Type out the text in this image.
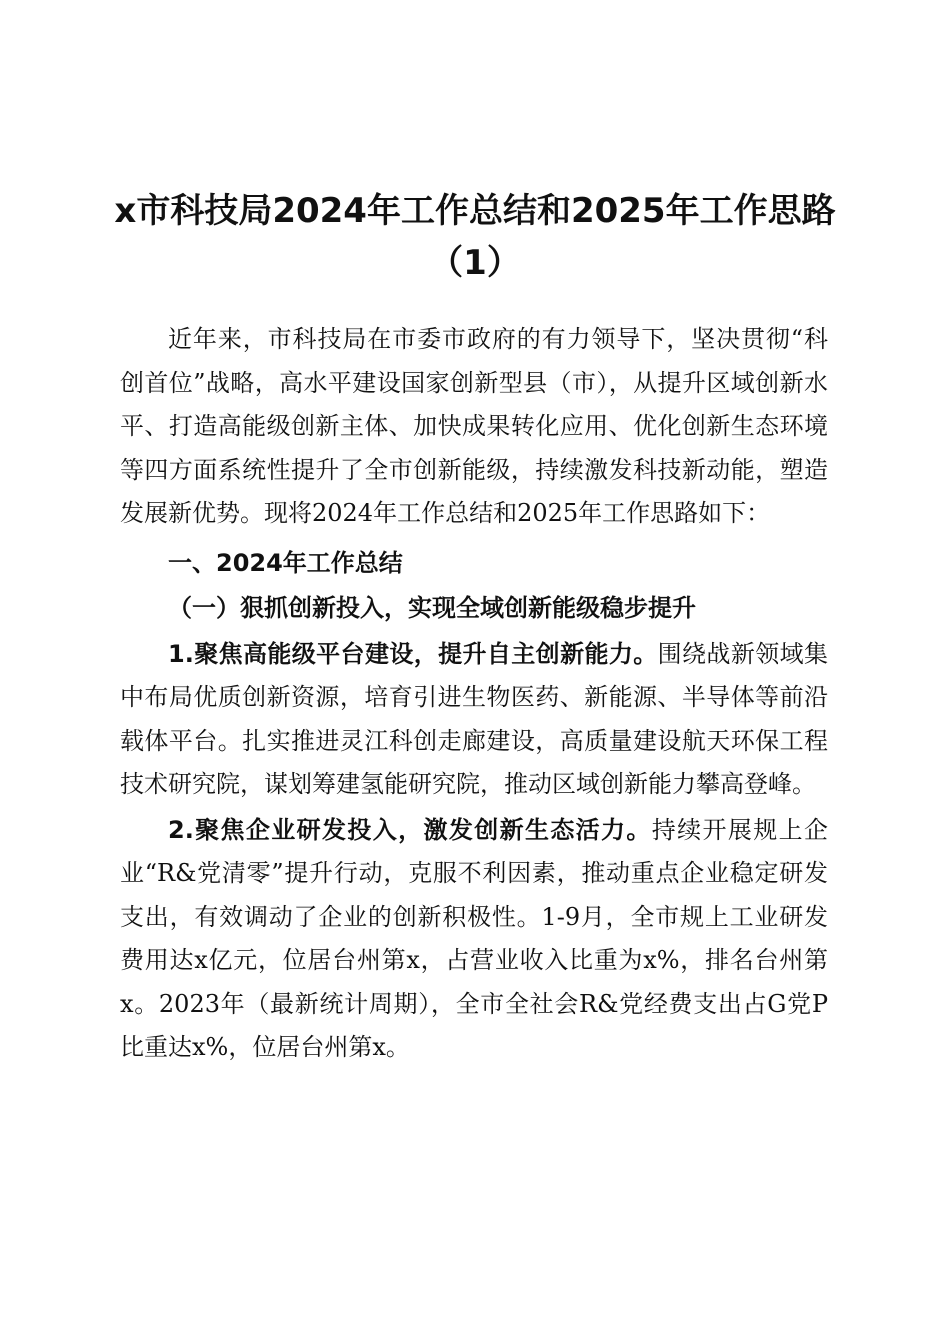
x市科技局2024年工作总结和2025年工作思路（1）

近年来，市科技局在市委市政府的有力领导下，坚决贯彻“科创首位”战略，高水平建设国家创新型县（市），从提升区域创新水平、打造高能级创新主体、加快成果转化应用、优化创新生态环境等四方面系统性提升了全市创新能级，持续激发科技新动能，塑造发展新优势。现将2024年工作总结和2025年工作思路如下：

一、2024年工作总结

（一）狠抓创新投入，实现全域创新能级稳步提升

1.聚焦高能级平台建设，提升自主创新能力。围绕战新领域集中布局优质创新资源，培育引进生物医药、新能源、半导体等前沿载体平台。扎实推进灵江科创走廊建设，高质量建设航天环保工程技术研究院，谋划筹建氢能研究院，推动区域创新能力攀高登峰。

2.聚焦企业研发投入，激发创新生态活力。持续开展规上企业“R&党清零”提升行动，克服不利因素，推动重点企业稳定研发支出，有效调动了企业的创新积极性。1-9月，全市规上工业研发费用达x亿元，位居台州第x，占营业收入比重为x%，排名台州第x。2023年（最新统计周期），全市全社会R&党经费支出占G党P比重达x%，位居台州第x。
